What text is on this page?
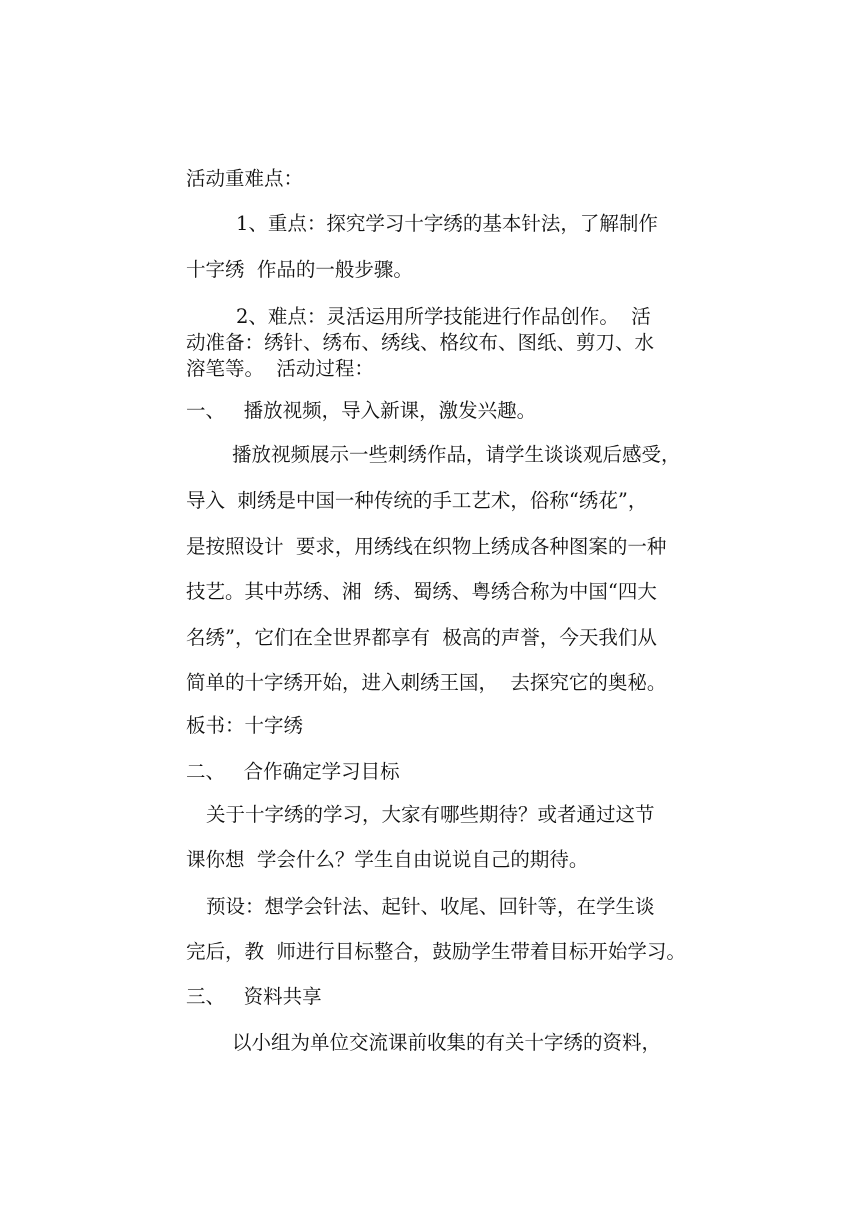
活动重难点：

1、重点：探究学习十字绣的基本针法，了解制作

十字绣  作品的一般步骤。

2、难点：灵活运用所学技能进行作品创作。  活

动准备：绣针、绣布、绣线、格纹布、图纸、剪刀、水

溶笔等。  活动过程：

一、   播放视频，导入新课，激发兴趣。

播放视频展示一些刺绣作品，请学生谈谈观后感受，

导入  刺绣是中国一种传统的手工艺术，俗称“绣花”，

是按照设计  要求，用绣线在织物上绣成各种图案的一种

技艺。其中苏绣、湘  绣、蜀绣、粤绣合称为中国“四大

名绣”，它们在全世界都享有  极高的声誉，今天我们从

简单的十字绣开始，进入刺绣王国，  去探究它的奥秘。

板书：十字绣

二、   合作确定学习目标

关于十字绣的学习，大家有哪些期待？或者通过这节

课你想  学会什么？学生自由说说自己的期待。

预设：想学会针法、起针、收尾、回针等，在学生谈

完后，教  师进行目标整合，鼓励学生带着目标开始学习。

三、   资料共享

以小组为单位交流课前收集的有关十字绣的资料，
